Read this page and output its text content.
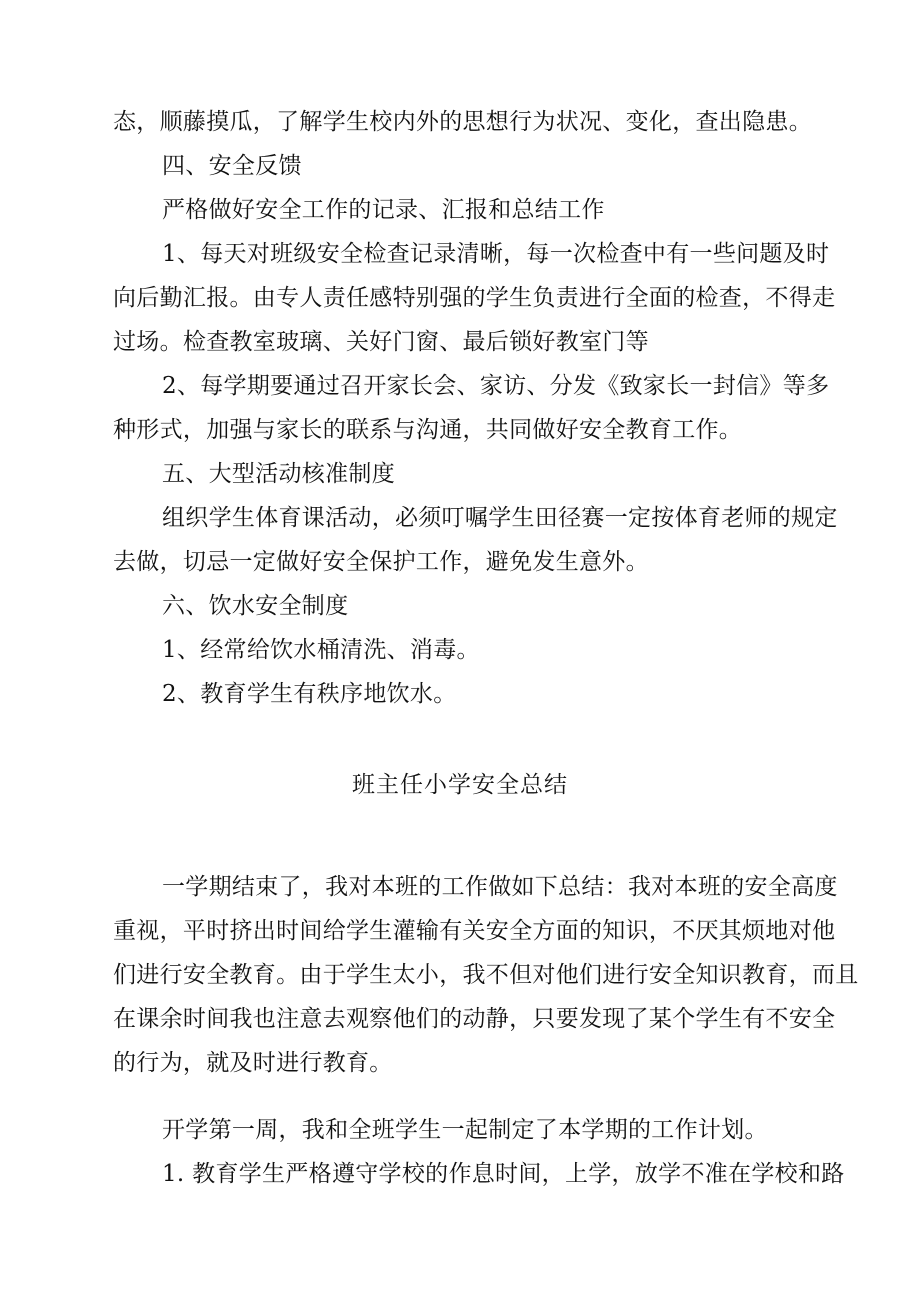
态，顺藤摸瓜，了解学生校内外的思想行为状况、变化，查出隐患。
四、安全反馈
严格做好安全工作的记录、汇报和总结工作
1、每天对班级安全检查记录清晰，每一次检查中有一些问题及时
向后勤汇报。由专人责任感特别强的学生负责进行全面的检查，不得走
过场。检查教室玻璃、关好门窗、最后锁好教室门等
2、每学期要通过召开家长会、家访、分发《致家长一封信》等多
种形式，加强与家长的联系与沟通，共同做好安全教育工作。
五、大型活动核准制度
组织学生体育课活动，必须叮嘱学生田径赛一定按体育老师的规定
去做，切忌一定做好安全保护工作，避免发生意外。
六、饮水安全制度
1、经常给饮水桶清洗、消毒。
2、教育学生有秩序地饮水。
班主任小学安全总结
一学期结束了，我对本班的工作做如下总结：我对本班的安全高度
重视，平时挤出时间给学生灌输有关安全方面的知识，不厌其烦地对他
们进行安全教育。由于学生太小，我不但对他们进行安全知识教育，而且
在课余时间我也注意去观察他们的动静，只要发现了某个学生有不安全
的行为，就及时进行教育。
开学第一周，我和全班学生一起制定了本学期的工作计划。
1. 教育学生严格遵守学校的作息时间，上学，放学不准在学校和路
